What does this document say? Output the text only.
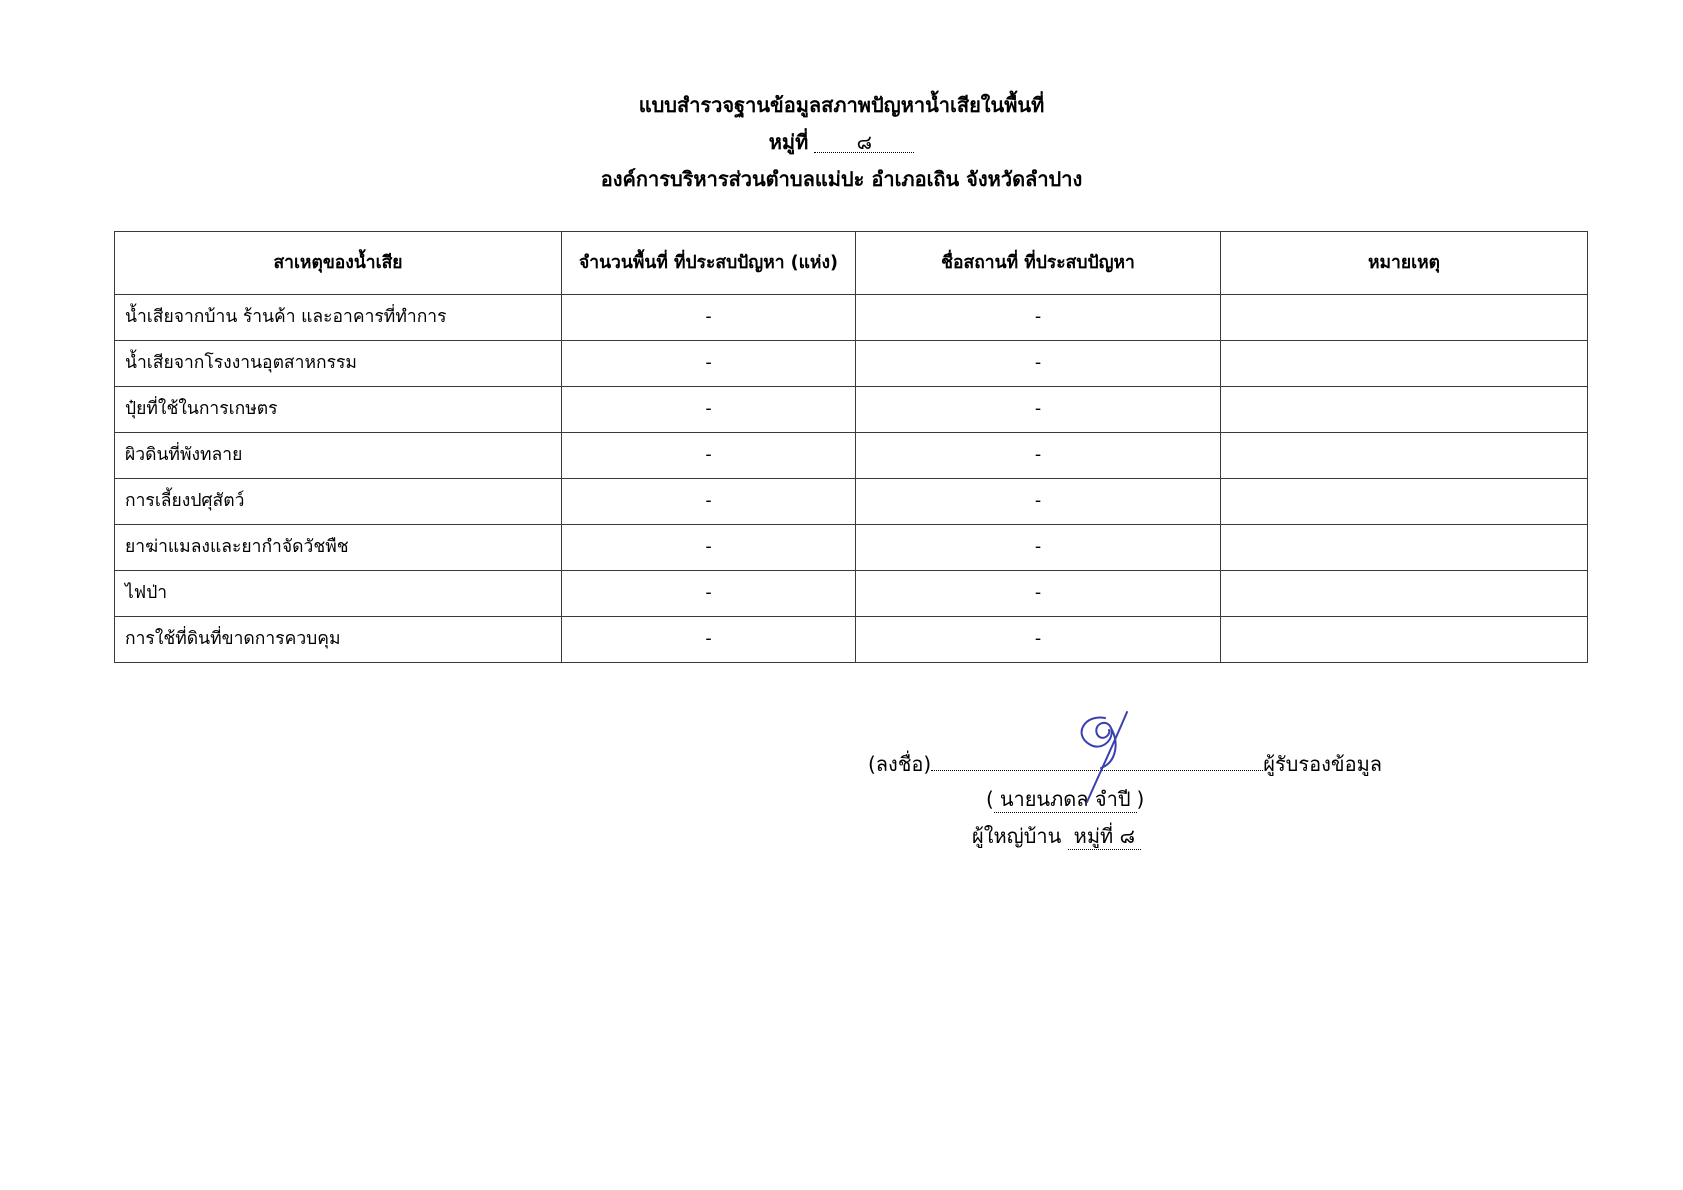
แบบสำรวจฐานข้อมูลสภาพปัญหาน้ำเสียในพื้นที่
หมู่ที่ ๘
องค์การบริหารส่วนตำบลแม่ปะ อำเภอเถิน จังหวัดลำปาง
สาเหตุของน้ำเสีย	จำนวนพื้นที่ ที่ประสบปัญหา (แห่ง)	ชื่อสถานที่ ที่ประสบปัญหา	หมายเหตุ
น้ำเสียจากบ้าน ร้านค้า และอาคารที่ทำการ	-	-	
น้ำเสียจากโรงงานอุตสาหกรรม	-	-	
ปุ๋ยที่ใช้ในการเกษตร	-	-	
ผิวดินที่พังทลาย	-	-	
การเลี้ยงปศุสัตว์	-	-	
ยาฆ่าแมลงและยากำจัดวัชพืช	-	-	
ไฟป่า	-	-	
การใช้ที่ดินที่ขาดการควบคุม	-	-	
(ลงชื่อ)	ผู้รับรองข้อมูล
( นายนภดล จำปี )
ผู้ใหญ่บ้าน หมู่ที่ ๘
